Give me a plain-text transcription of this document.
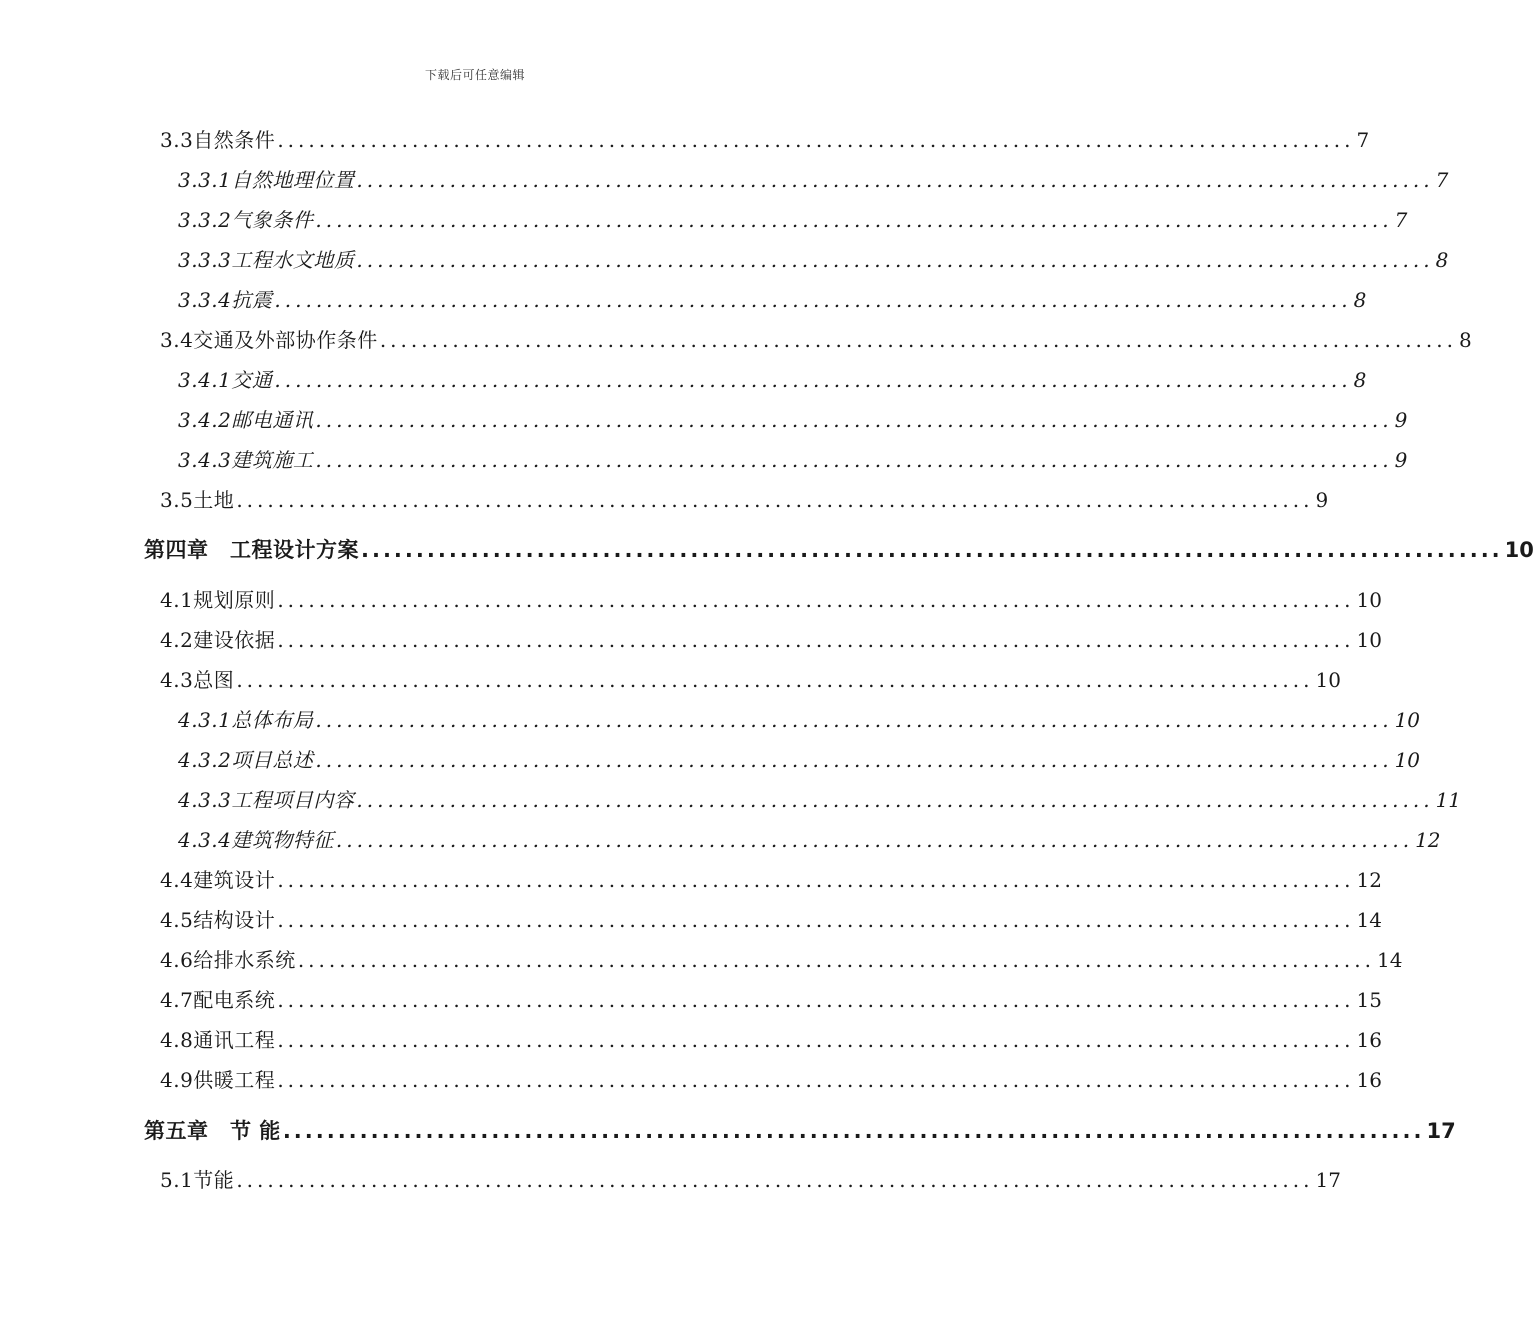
下载后可任意编辑
3.3自然条件 ........................................................................................................ 7
3.3.1自然地理位置 ........................................................................................................ 7
3.3.2气象条件 ........................................................................................................ 7
3.3.3工程水文地质 ........................................................................................................ 8
3.3.4抗震 ........................................................................................................ 8
3.4交通及外部协作条件 ........................................................................................................ 8
3.4.1交通 ........................................................................................................ 8
3.4.2邮电通讯 ........................................................................................................ 9
3.4.3建筑施工 ........................................................................................................ 9
3.5土地 ........................................................................................................ 9
第四章　工程设计方案 ........................................................................................................ 10
4.1规划原则 ........................................................................................................ 10
4.2建设依据 ........................................................................................................ 10
4.3总图 ........................................................................................................ 10
4.3.1总体布局 ........................................................................................................ 10
4.3.2项目总述 ........................................................................................................ 10
4.3.3工程项目内容 ........................................................................................................ 11
4.3.4建筑物特征 ........................................................................................................ 12
4.4建筑设计 ........................................................................................................ 12
4.5结构设计 ........................................................................................................ 14
4.6给排水系统 ........................................................................................................ 14
4.7配电系统 ........................................................................................................ 15
4.8通讯工程 ........................................................................................................ 16
4.9供暖工程 ........................................................................................................ 16
第五章　节 能 ........................................................................................................ 17
5.1节能 ........................................................................................................ 17
